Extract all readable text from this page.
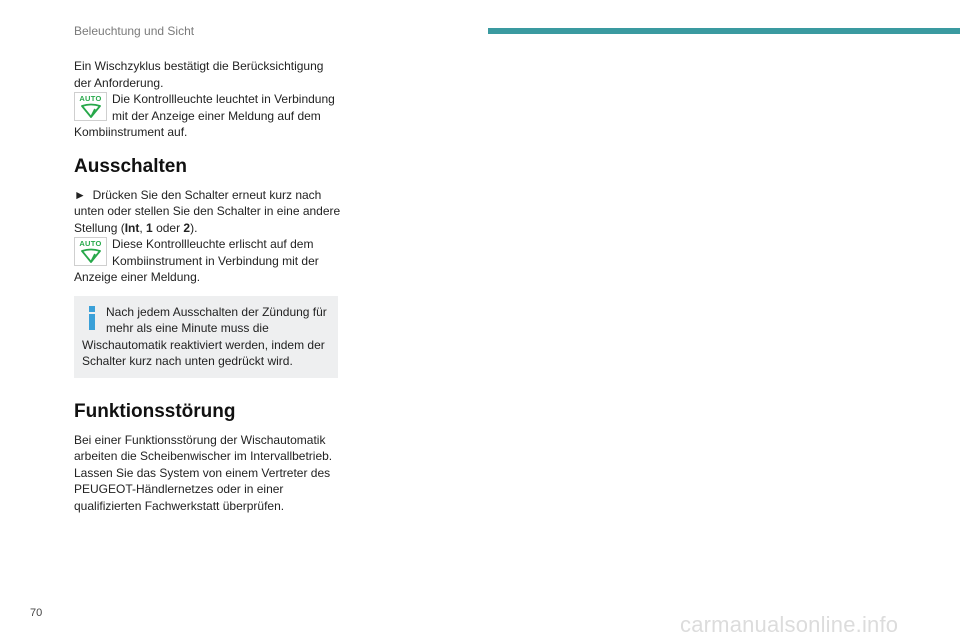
Beleuchtung und Sicht

Ein Wischzyklus bestätigt die Berücksichtigung der Anforderung.

AUTO Die Kontrollleuchte leuchtet in Verbindung mit der Anzeige einer Meldung auf dem Kombiinstrument auf.

Ausschalten

► Drücken Sie den Schalter erneut kurz nach unten oder stellen Sie den Schalter in eine andere Stellung (Int, 1 oder 2).

AUTO Diese Kontrollleuchte erlischt auf dem Kombiinstrument in Verbindung mit der Anzeige einer Meldung.

Nach jedem Ausschalten der Zündung für mehr als eine Minute muss die Wischautomatik reaktiviert werden, indem der Schalter kurz nach unten gedrückt wird.
Funktionsstörung

Bei einer Funktionsstörung der Wischautomatik arbeiten die Scheibenwischer im Intervallbetrieb. Lassen Sie das System von einem Vertreter des PEUGEOT-Händlernetzes oder in einer qualifizierten Fachwerkstatt überprüfen.

70	carmanualsonline.info
